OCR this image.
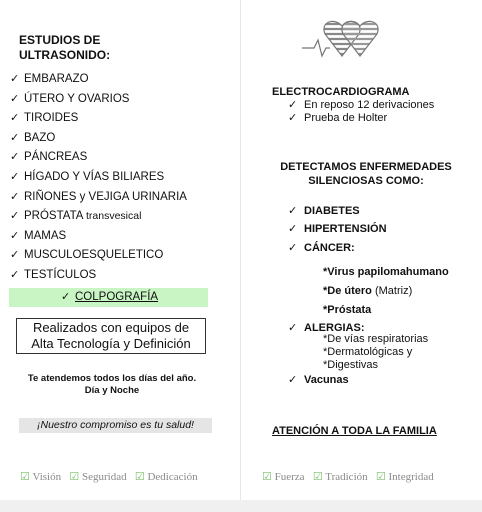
ESTUDIOS DE
ULTRASONIDO:
✓ EMBARAZO
✓ ÚTERO Y OVARIOS
✓ TIROIDES
✓ BAZO
✓ PÁNCREAS
✓ HÍGADO Y VÍAS BILIARES
✓ RIÑONES y VEJIGA URINARIA
✓ PRÓSTATA transvesical
✓ MAMAS
✓ MUSCULOESQUELETICO
✓ TESTÍCULOS
✓ COLPOGRAFÍA
Realizados con equipos de
Alta Tecnología y Definición
Te atendemos todos los días del año.
Día y Noche
¡Nuestro compromiso es tu salud!
☑ Visión ☑ Seguridad ☑ Dedicación
ELECTROCARDIOGRAMA
✓ En reposo 12 derivaciones
✓ Prueba de Holter
DETECTAMOS ENFERMEDADES
SILENCIOSAS COMO:
✓ DIABETES
✓ HIPERTENSIÓN
✓ CÁNCER:
*Virus papilomahumano
*De útero (Matriz)
*Próstata
✓ ALERGIAS:
*De vías respiratorias
*Dermatológicas y
*Digestivas
✓ Vacunas
ATENCIÓN A TODA LA FAMILIA
☑ Fuerza ☑ Tradición ☑ Integridad
